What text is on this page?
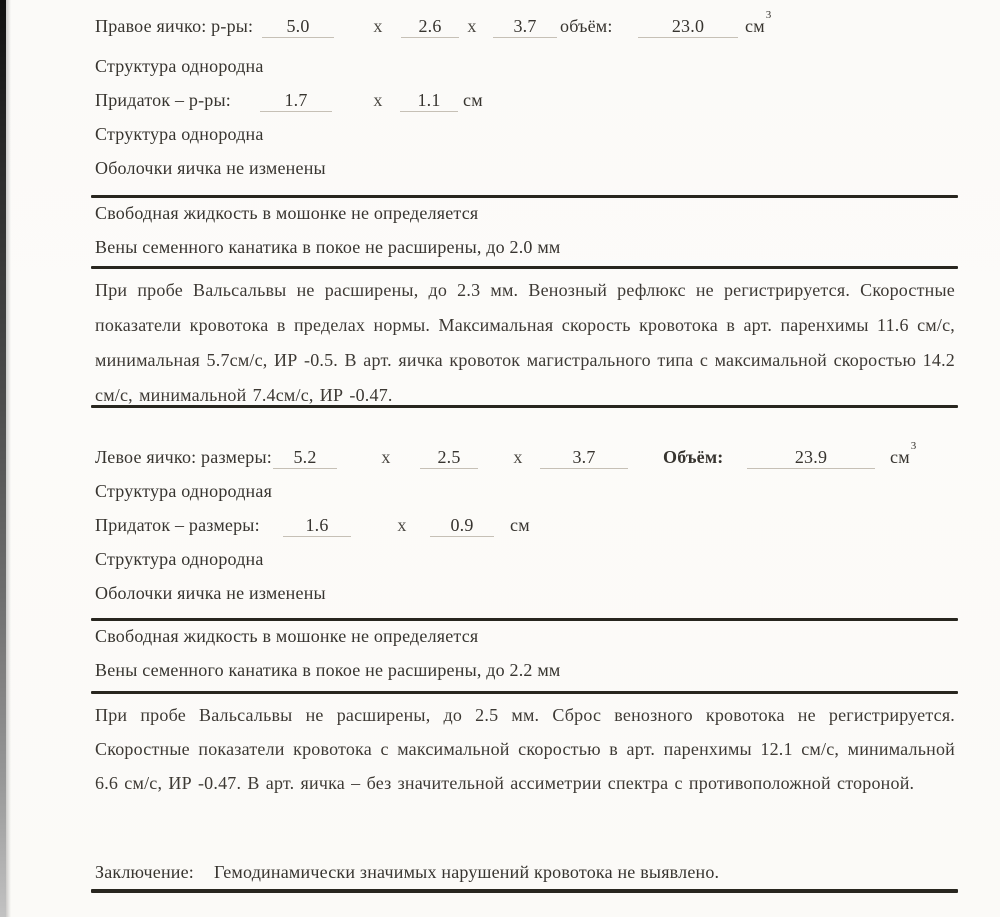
Правое яичко: р-ры:	5.0	х	2.6	х	3.7	объём:	23.0	$см^3$
Структура однородна
Придаток – р-ры:	1.7	х	1.1	см
Структура однородна
Оболочки яичка не изменены
Свободная жидкость в мошонке не определяется
Вены семенного канатика в покое не расширены, до 2.0 мм
При пробе Вальсальвы не расширены, до 2.3 мм. Венозный рефлюкс не регистрируется. Скоростные показатели кровотока в пределах нормы. Максимальная скорость кровотока в арт. паренхимы 11.6 см/с, минимальная 5.7см/с, ИР -0.5. В арт. яичка кровоток магистрального типа с максимальной скоростью 14.2 см/с, минимальной 7.4см/с, ИР -0.47.
Левое яичко: размеры:	5.2	х	2.5	х	3.7	Объём:	23.9	$см^3$
Структура однородная
Придаток – размеры:	1.6	х	0.9	см
Структура однородна
Оболочки яичка не изменены
Свободная жидкость в мошонке не определяется
Вены семенного канатика в покое не расширены, до 2.2 мм
При пробе Вальсальвы не расширены, до 2.5 мм. Сброс венозного кровотока не регистрируется. Скоростные показатели кровотока с максимальной скоростью в арт. паренхимы 12.1 см/с, минимальной 6.6 см/с, ИР -0.47. В арт. яичка – без значительной ассиметрии спектра с противоположной стороной.
Заключение: Гемодинамически значимых нарушений кровотока не выявлено.
